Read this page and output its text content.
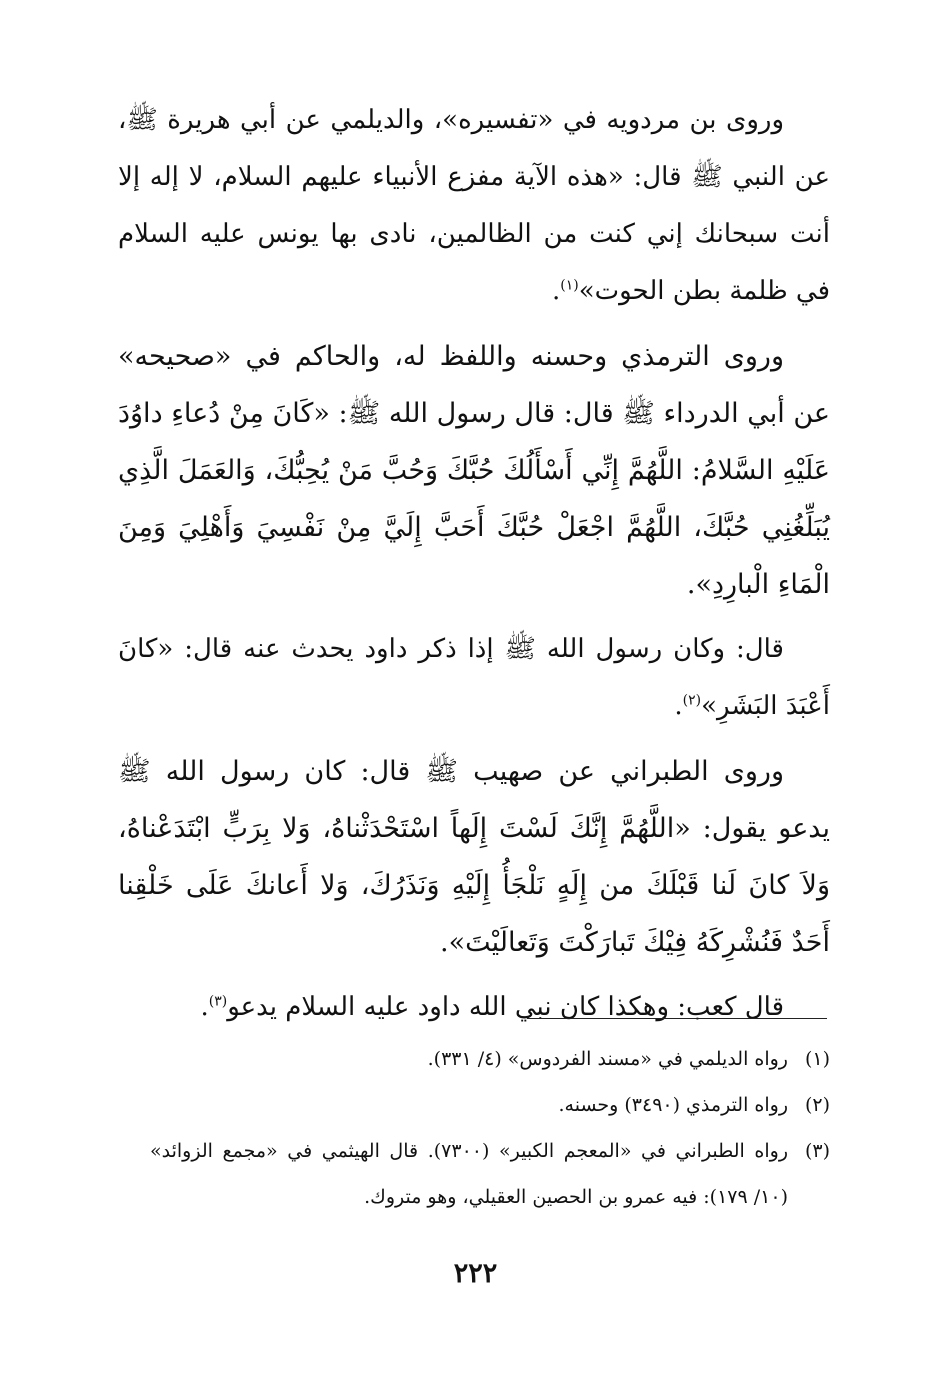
وروى بن مردويه في «تفسيره»، والديلمي عن أبي هريرة ﷺ، عن النبي ﷺ قال: «هذه الآية مفزع الأنبياء عليهم السلام، لا إله إلا أنت سبحانك إني كنت من الظالمين، نادى بها يونس عليه السلام في ظلمة بطن الحوت»$^{(١)}$.

وروى الترمذي وحسنه واللفظ له، والحاكم في «صحيحه» عن أبي الدرداء ﷺ قال: قال رسول الله ﷺ: «كَانَ مِنْ دُعاءِ داوُدَ عَلَيْهِ السَّلامُ: اللَّهُمَّ إِنِّي أَسْأَلُكَ حُبَّكَ وَحُبَّ مَنْ يُحِبُّكَ، وَالعَمَلَ الَّذِي يُبَلِّغُنِي حُبَّكَ، اللَّهُمَّ اجْعَلْ حُبَّكَ أَحَبَّ إِلَيَّ مِنْ نَفْسِيَ وَأَهْلِيَ وَمِنَ الْمَاءِ الْبارِدِ».

قال: وكان رسول الله ﷺ إذا ذكر داود يحدث عنه قال: «كانَ أَعْبَدَ البَشَرِ»$^{(٢)}$.

وروى الطبراني عن صهيب ﷺ قال: كان رسول الله ﷺ يدعو يقول: «اللَّهُمَّ إِنَّكَ لَسْتَ إِلَهاً اسْتَحْدَثْناهُ، وَلا بِرَبٍّ ابْتَدَعْناهُ، وَلاَ كانَ لَنا قَبْلَكَ من إِلَهٍ نَلْجَأُ إِلَيْهِ وَنَذَرُكَ، وَلا أَعانكَ عَلَى خَلْقِنا أَحَدٌ فَنُشْرِكَهُ فِيْكَ تَبارَكْتَ وَتَعالَيْتَ».

قال كعب: وهكذا كان نبي الله داود عليه السلام يدعو$^{(٣)}$.

(١)
رواه الديلمي في «مسند الفردوس» (٤/ ٣٣١).
(٢)
رواه الترمذي (٣٤٩٠) وحسنه.
(٣)
رواه الطبراني في «المعجم الكبير» (٧٣٠٠). قال الهيثمي في «مجمع الزوائد» (١٠/ ١٧٩): فيه عمرو بن الحصين العقيلي، وهو متروك.
٢٢٢
